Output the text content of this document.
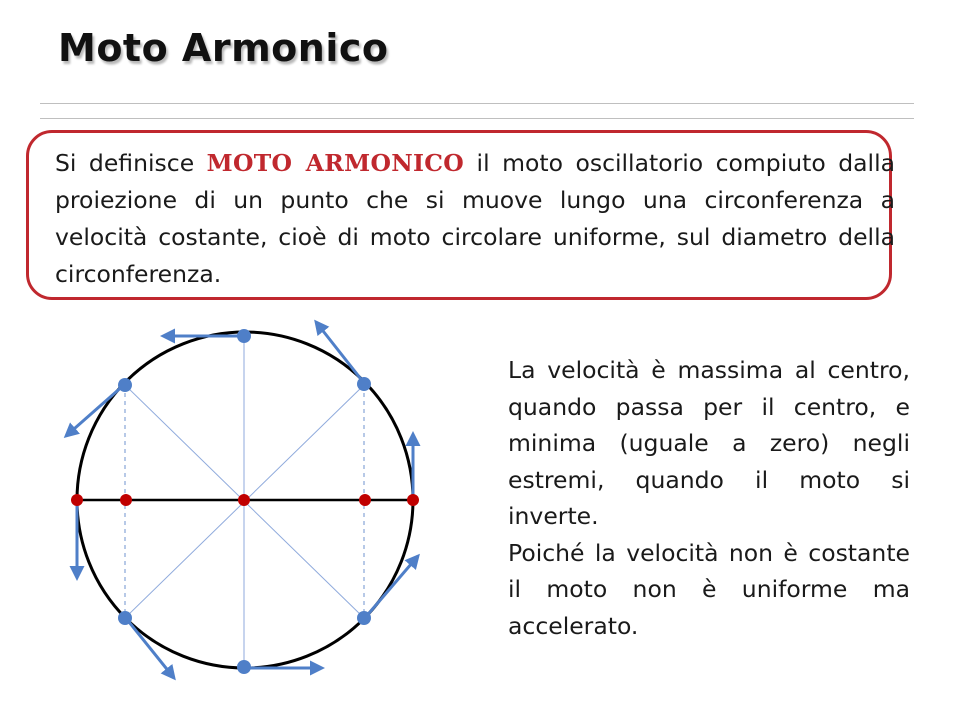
Moto Armonico

Si definisce MOTO ARMONICO il moto oscillatorio compiuto dalla proiezione di un punto che si muove lungo una circonferenza a velocità costante, cioè di moto circolare uniforme, sul diametro della circonferenza.

La velocità è massima al centro, quando passa per il centro, e minima (uguale a zero) negli estremi, quando il moto si inverte.

Poiché la velocità non è costante il moto non è uniforme ma accelerato.
